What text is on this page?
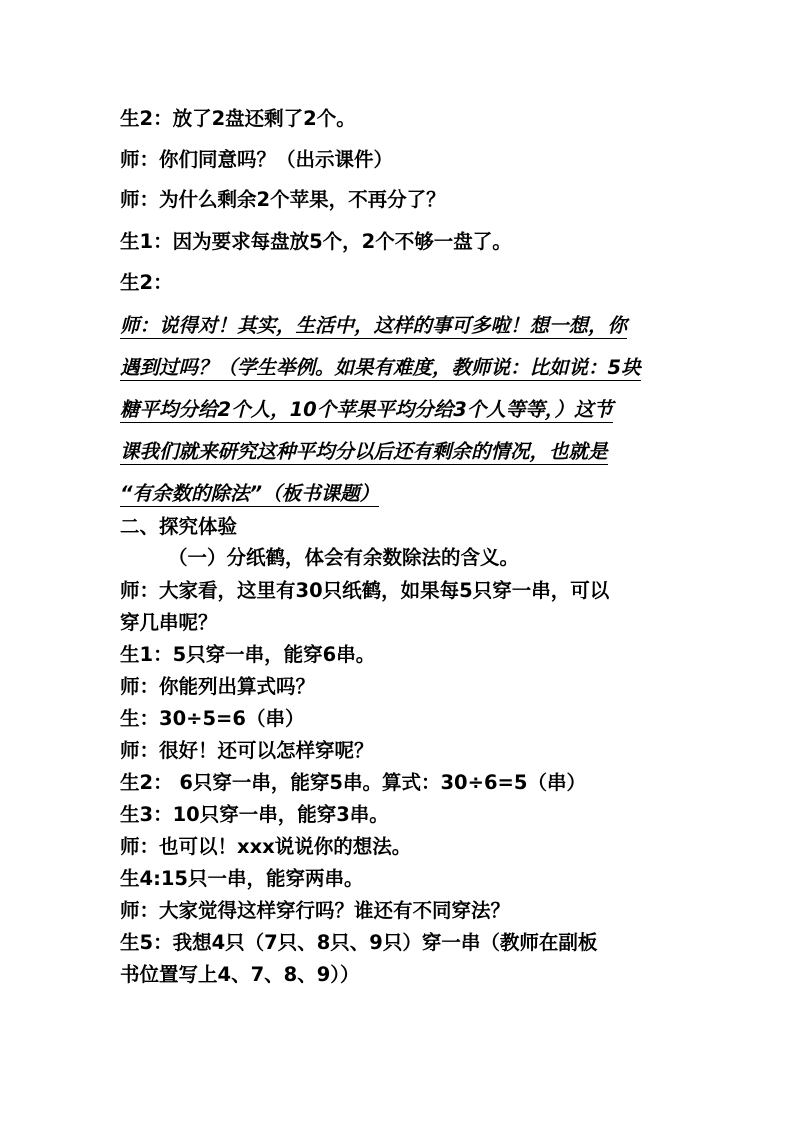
生2：放了2盘还剩了2个。
师：你们同意吗？（出示课件）
师：为什么剩余2个苹果，不再分了？
生1：因为要求每盘放5个，2个不够一盘了。
生2：
师：说得对！其实，生活中，这样的事可多啦！想一想，你
遇到过吗？（学生举例。如果有难度，教师说：比如说：5块
糖平均分给2个人，10个苹果平均分给3个人等等，）这节
课我们就来研究这种平均分以后还有剩余的情况，也就是
“有余数的除法”（板书课题）
二、探究体验
（一）分纸鹤，体会有余数除法的含义。
师：大家看，这里有30只纸鹤，如果每5只穿一串，可以
穿几串呢？
生1：5只穿一串，能穿6串。
师：你能列出算式吗？
生：30÷5=6（串）
师：很好！还可以怎样穿呢？
生2： 6只穿一串，能穿5串。算式：30÷6=5（串）
生3：10只穿一串，能穿3串。
师：也可以！xxx说说你的想法。
生4:15只一串，能穿两串。
师：大家觉得这样穿行吗？谁还有不同穿法？
生5：我想4只（7只、8只、9只）穿一串（教师在副板
书位置写上4、7、8、9））
